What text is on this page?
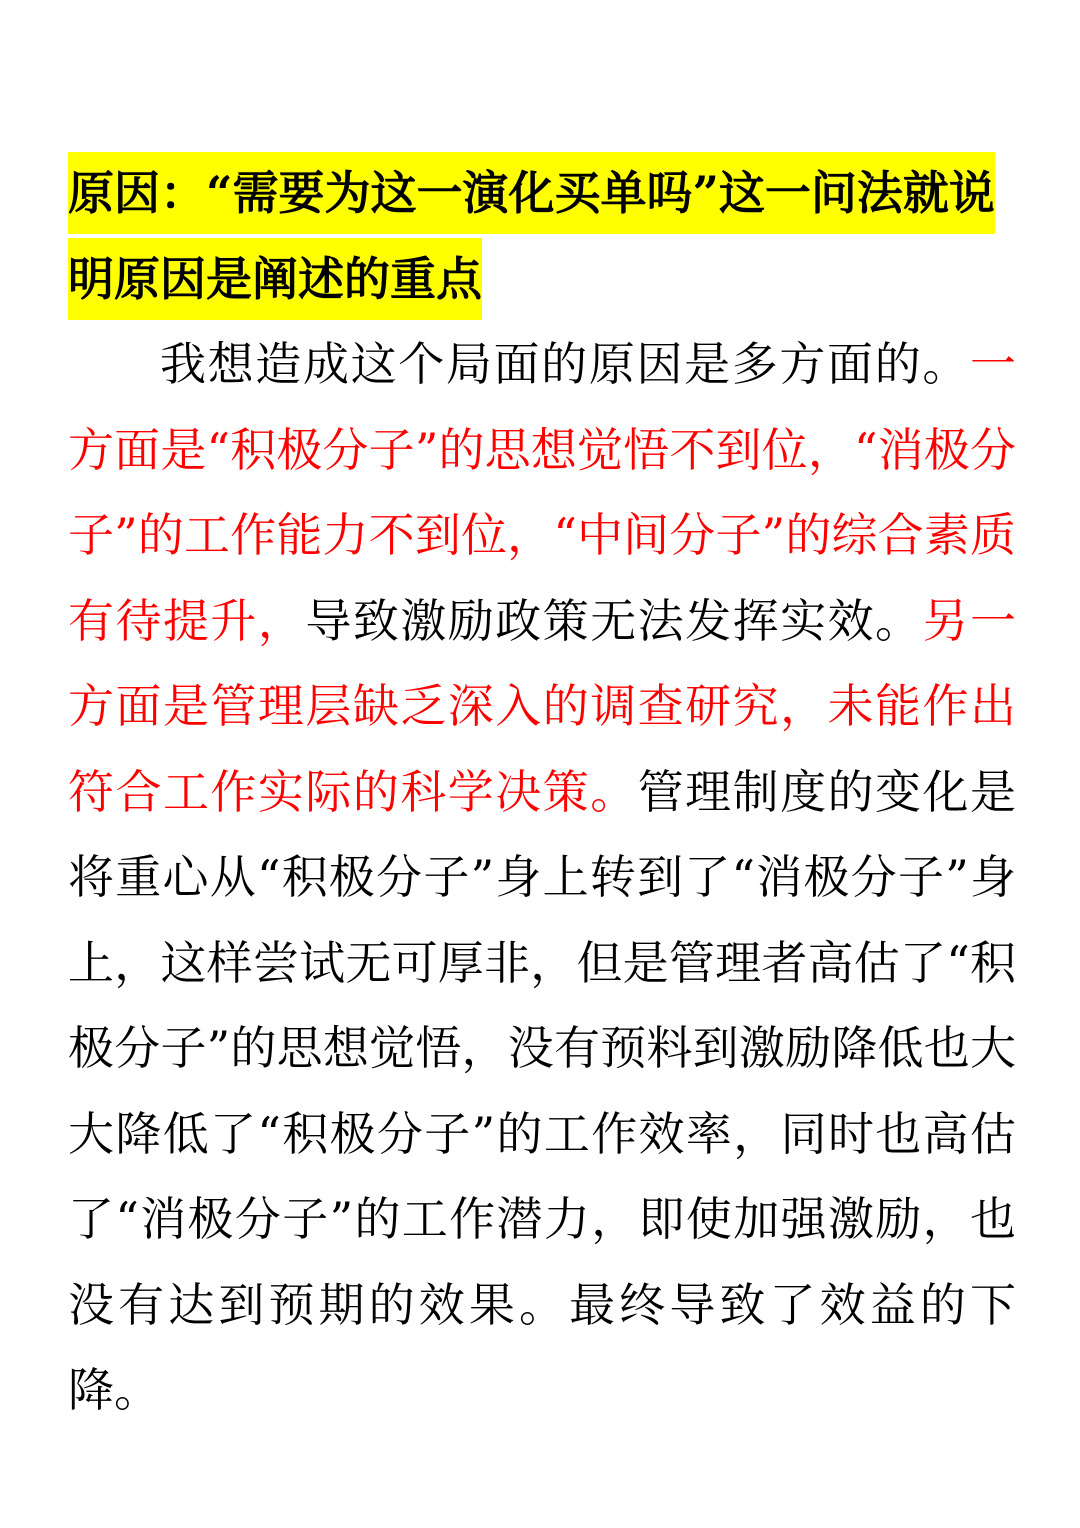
原因：“需要为这一演化买单吗”这一问法就说明原因是阐述的重点

我想造成这个局面的原因是多方面的。一方面是“积极分子”的思想觉悟不到位，“消极分子”的工作能力不到位，“中间分子”的综合素质有待提升，导致激励政策无法发挥实效。另一方面是管理层缺乏深入的调查研究，未能作出符合工作实际的科学决策。管理制度的变化是将重心从“积极分子”身上转到了“消极分子”身上，这样尝试无可厚非，但是管理者高估了“积极分子”的思想觉悟，没有预料到激励降低也大大降低了“积极分子”的工作效率，同时也高估了“消极分子”的工作潜力，即使加强激励，也没有达到预期的效果。最终导致了效益的下降。
